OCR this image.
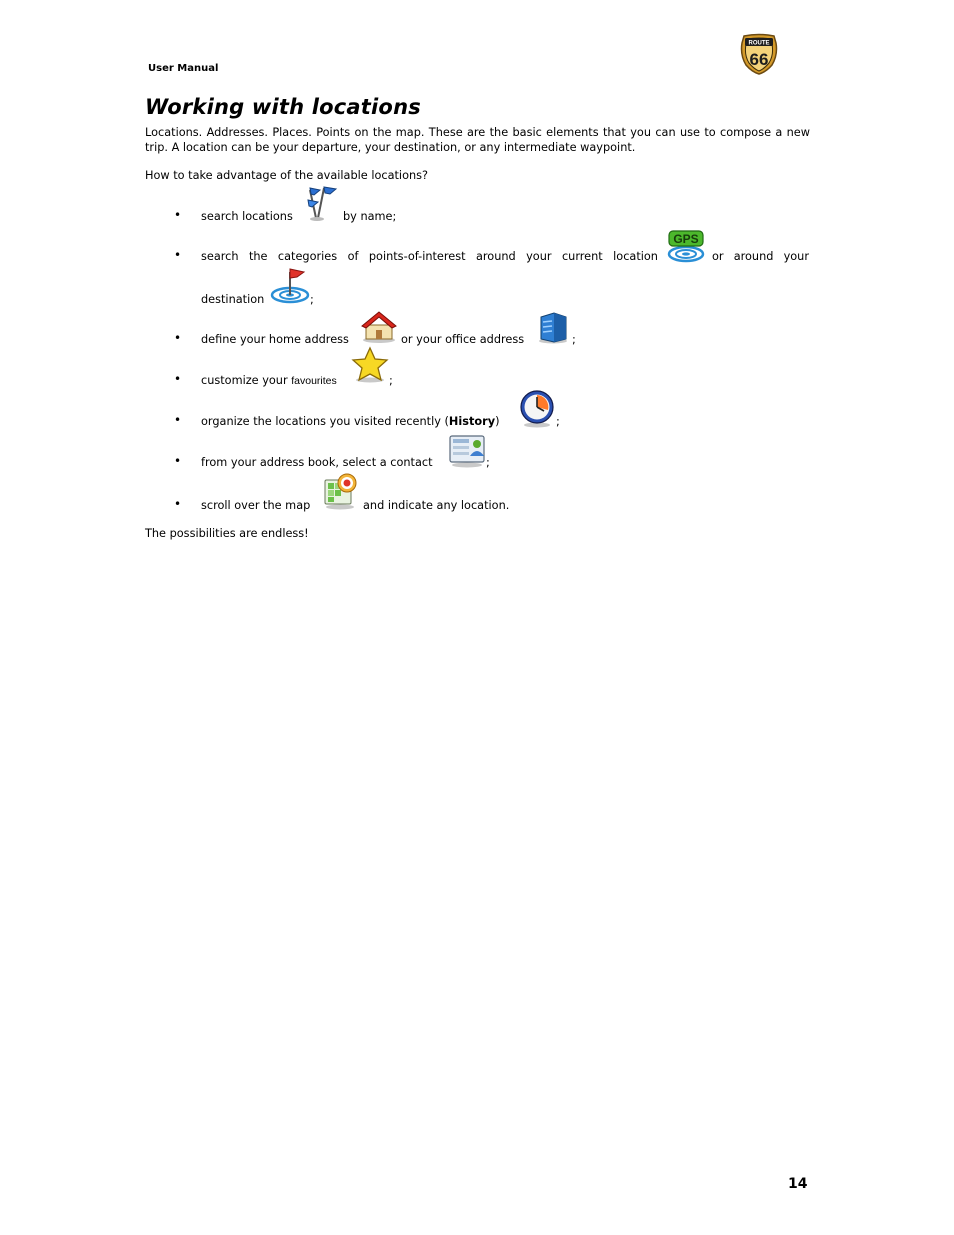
User Manual
ROUTE
66
Working with locations

Locations. Addresses. Places. Points on the map. These are the basic elements that you can use to compose a new trip. A location can be your departure, your destination, or any intermediate waypoint.

How to take advantage of the available locations?

• search locations	by name;
• search the categories of points-of-interest around your current location
GPS
or around your
destination	;
• define your home address	or your office address	;
• customize your favourites	;
• organize the locations you visited recently (History)	;
• from your address book, select a contact	;
• scroll over the map	and indicate any location.

The possibilities are endless!

14
